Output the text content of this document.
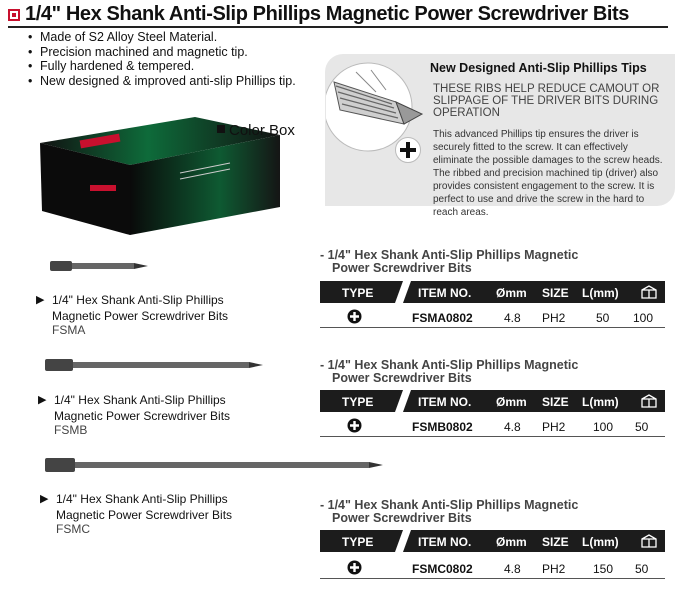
1/4" Hex Shank Anti-Slip Phillips Magnetic Power Screwdriver Bits
• Made of S2 Alloy Steel Material.
• Precision machined and magnetic tip.
• Fully hardened & tempered.
• New designed & improved anti-slip Phillips tip.
New Designed Anti-Slip Phillips Tips
THESE RIBS HELP REDUCE CAMOUT OR SLIPPAGE OF THE DRIVER BITS DURING OPERATION
This advanced Phillips tip ensures the driver is securely fitted to the screw. It can effectively eliminate the possible damages to the screw heads. The ribbed and precision machined tip (driver) also provides consistent engagement to the screw. It is perfect to use and drive the screw in the hard to reach areas.
Color Box
▶ 1/4" Hex Shank Anti-Slip Phillips
Magnetic Power Screwdriver Bits
FSMA
▶ 1/4" Hex Shank Anti-Slip Phillips
Magnetic Power Screwdriver Bits
FSMB
▶ 1/4" Hex Shank Anti-Slip Phillips
Magnetic Power Screwdriver Bits
FSMC
- 1/4" Hex Shank Anti-Slip Phillips Magnetic
Power Screwdriver Bits
TYPE	ITEM NO. Ømm SIZE L(mm)
FSMA0802	4.8 PH2	50 100
- 1/4" Hex Shank Anti-Slip Phillips Magnetic
Power Screwdriver Bits
TYPE	ITEM NO. Ømm SIZE L(mm)
FSMB0802	4.8 PH2 100 50
- 1/4" Hex Shank Anti-Slip Phillips Magnetic
Power Screwdriver Bits
TYPE	ITEM NO. Ømm SIZE L(mm)
FSMC0802	4.8 PH2 150 50
